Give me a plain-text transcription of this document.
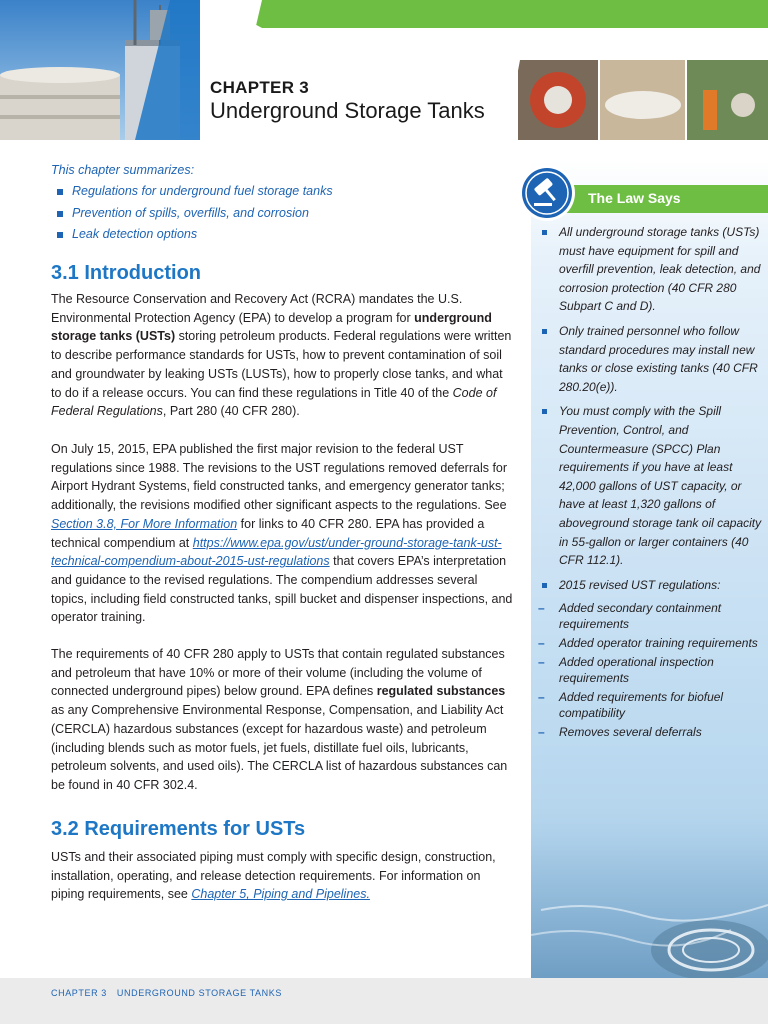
CHAPTER 3
Underground Storage Tanks
The Law Says
All underground storage tanks (USTs) must have equipment for spill and overfill prevention, leak detection, and corrosion protection (40 CFR 280 Subpart C and D).
Only trained personnel who follow standard procedures may install new tanks or close existing tanks (40 CFR 280.20(e)).
You must comply with the Spill Prevention, Control, and Countermeasure (SPCC) Plan requirements if you have at least 42,000 gallons of UST capacity, or have at least 1,320 gallons of aboveground storage tank oil capacity in 55-gallon or larger containers (40 CFR 112.1).
2015 revised UST regulations:
– Added secondary containment requirements
– Added operator training requirements
– Added operational inspection requirements
– Added requirements for biofuel compatibility
– Removes several deferrals

This chapter summarizes:

Regulations for underground fuel storage tanks
Prevention of spills, overfills, and corrosion
Leak detection options
3.1 Introduction

The Resource Conservation and Recovery Act (RCRA) mandates the U.S. Environmental Protection Agency (EPA) to develop a program for underground storage tanks (USTs) storing petroleum products. Federal regulations were written to describe performance standards for USTs, how to prevent contamination of soil and groundwater by leaking USTs (LUSTs), how to properly close tanks, and what to do if a release occurs. You can find these regulations in Title 40 of the Code of Federal Regulations, Part 280 (40 CFR 280).

On July 15, 2015, EPA published the first major revision to the federal UST regulations since 1988. The revisions to the UST regulations removed deferrals for Airport Hydrant Systems, field constructed tanks, and emergency generator tanks; additionally, the revisions modified other significant aspects to the regulations. See Section 3.8, For More Information for links to 40 CFR 280. EPA has provided a technical compendium at https://www.epa.gov/ust/under-ground-storage-tank-ust-technical-compendium-about-2015-ust-regulations that covers EPA’s interpretation and guidance to the revised regulations. The compendium addresses several topics, including field constructed tanks, spill bucket and dispenser inspections, and operator training.

The requirements of 40 CFR 280 apply to USTs that contain regulated substances and petroleum that have 10% or more of their volume (including the volume of connected underground pipes) below ground. EPA defines regulated substances as any Comprehensive Environmental Response, Compensation, and Liability Act (CERCLA) hazardous substances (except for hazardous waste) and petroleum (including blends such as motor fuels, jet fuels, distillate fuel oils, lubricants, petroleum solvents, and used oils). The CERCLA list of hazardous substances can be found in 40 CFR 302.4.

3.2 Requirements for USTs

USTs and their associated piping must comply with specific design, construction, installation, operating, and release detection requirements. For information on piping requirements, see Chapter 5, Piping and Pipelines.

CHAPTER 3 UNDERGROUND STORAGE TANKS
